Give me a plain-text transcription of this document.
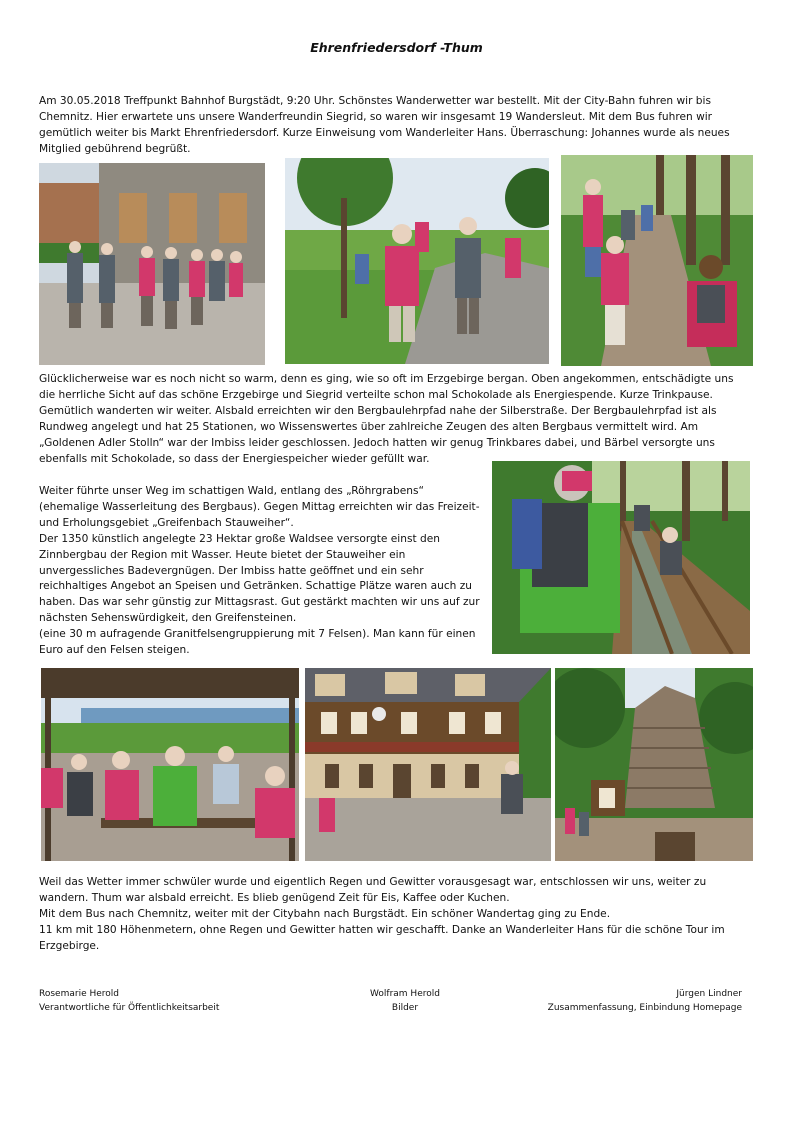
Ehrenfriedersdorf -Thum
Am 30.05.2018 Treffpunkt Bahnhof Burgstädt, 9:20 Uhr. Schönstes Wanderwetter war bestellt. Mit der City-Bahn fuhren wir bis
Chemnitz. Hier erwartete uns unsere Wanderfreundin Siegrid, so waren wir insgesamt 19 Wandersleut. Mit dem Bus fuhren wir
gemütlich weiter bis Markt Ehrenfriedersdorf. Kurze Einweisung vom Wanderleiter Hans. Überraschung: Johannes wurde als neues
Mitglied gebührend begrüßt.
Glücklicherweise war es noch nicht so warm, denn es ging, wie so oft im Erzgebirge bergan. Oben angekommen, entschädigte uns
die herrliche Sicht auf das schöne Erzgebirge und Siegrid verteilte schon mal Schokolade als Energiespende. Kurze Trinkpause.
Gemütlich wanderten wir weiter. Alsbald erreichten wir den Bergbaulehrpfad nahe der Silberstraße. Der Bergbaulehrpfad ist als
Rundweg angelegt und hat 25 Stationen, wo Wissenswertes über zahlreiche Zeugen des alten Bergbaus vermittelt wird. Am
„Goldenen Adler Stolln“ war der Imbiss leider geschlossen. Jedoch hatten wir genug Trinkbares dabei, und Bärbel versorgte uns
ebenfalls mit Schokolade, so dass der Energiespeicher wieder gefüllt war.
Weiter führte unser Weg im schattigen Wald, entlang des „Röhrgrabens“
(ehemalige Wasserleitung des Bergbaus). Gegen Mittag erreichten wir das Freizeit-
und Erholungsgebiet „Greifenbach Stauweiher“.
Der 1350 künstlich angelegte 23 Hektar große Waldsee versorgte einst den
Zinnbergbau der Region mit Wasser. Heute bietet der Stauweiher ein
unvergessliches Badevergnügen. Der Imbiss hatte geöffnet und ein sehr
reichhaltiges Angebot an Speisen und Getränken. Schattige Plätze waren auch zu
haben. Das war sehr günstig zur Mittagsrast. Gut gestärkt machten wir uns auf zur
nächsten Sehenswürdigkeit, den Greifensteinen.
(eine 30 m aufragende Granitfelsengruppierung mit 7 Felsen). Man kann für einen
Euro auf den Felsen steigen.
Weil das Wetter immer schwüler wurde und eigentlich Regen und Gewitter vorausgesagt war, entschlossen wir uns, weiter zu
wandern. Thum war alsbald erreicht. Es blieb genügend Zeit für Eis, Kaffee oder Kuchen.
Mit dem Bus nach Chemnitz, weiter mit der Citybahn nach Burgstädt. Ein schöner Wandertag ging zu Ende.
11 km mit 180 Höhenmetern, ohne Regen und Gewitter hatten wir geschafft. Danke an Wanderleiter Hans für die schöne Tour im
Erzgebirge.
Rosemarie Herold
Verantwortliche für Öffentlichkeitsarbeit
Wolfram Herold
Bilder
Jürgen Lindner
Zusammenfassung, Einbindung Homepage
